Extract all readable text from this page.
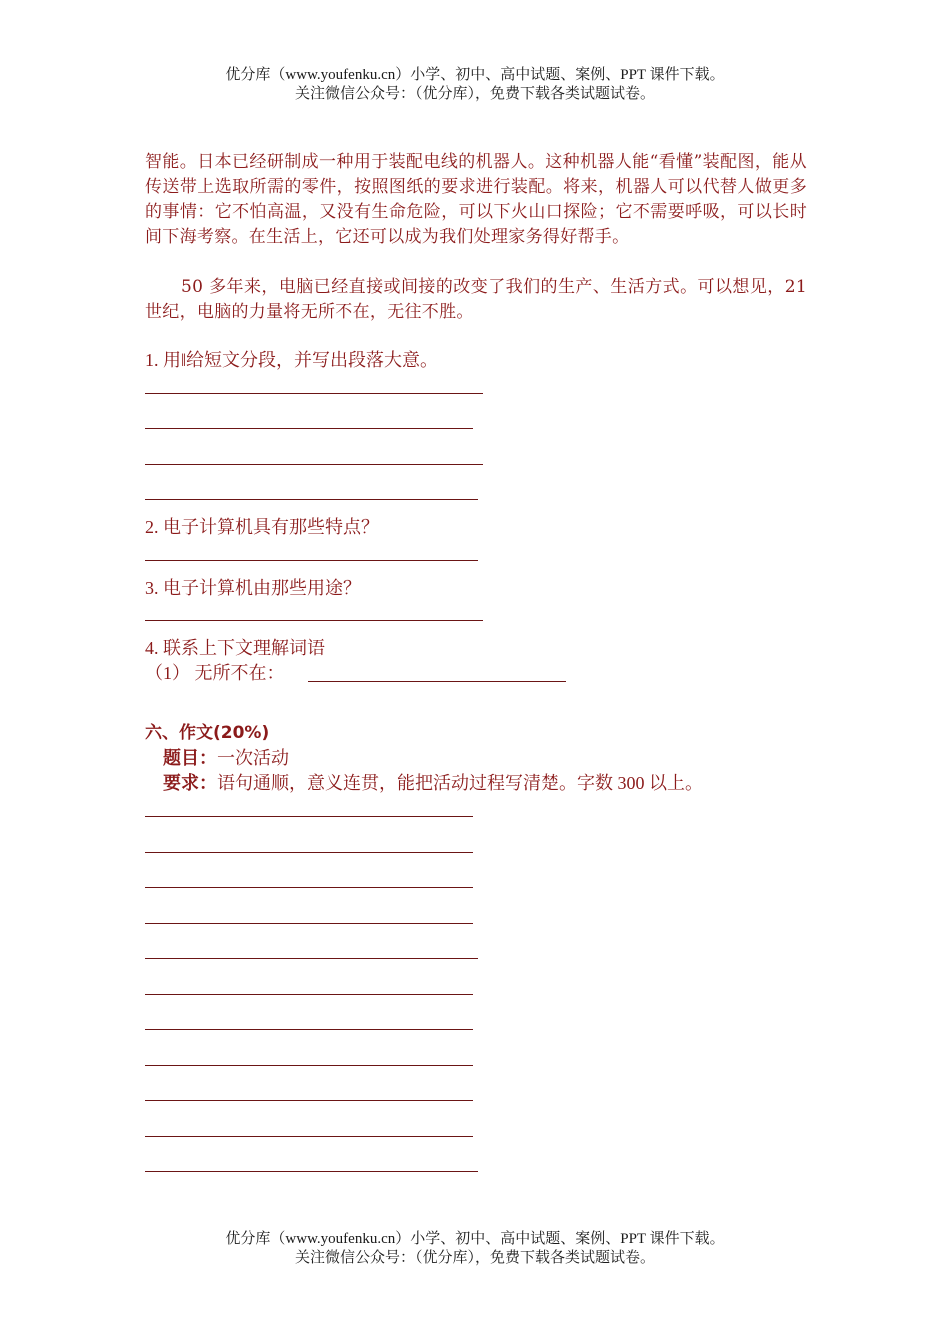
优分库（www.youfenku.cn）小学、初中、高中试题、案例、PPT 课件下载。
关注微信公众号：（优分库），免费下载各类试题试卷。
智能。日本已经研制成一种用于装配电线的机器人。这种机器人能“看懂”装配图，能从传送带上选取所需的零件，按照图纸的要求进行装配。将来，机器人可以代替人做更多的事情：它不怕高温，又没有生命危险，可以下火山口探险；它不需要呼吸，可以长时间下海考察。在生活上，它还可以成为我们处理家务得好帮手。
50 多年来，电脑已经直接或间接的改变了我们的生产、生活方式。可以想见，21 世纪，电脑的力量将无所不在，无往不胜。
1. 用‖给短文分段，并写出段落大意。
2. 电子计算机具有那些特点？
3. 电子计算机由那些用途？
4. 联系上下文理解词语
（1） 无所不在：
六、作文(20%)
题目：一次活动
要求：语句通顺，意义连贯，能把活动过程写清楚。字数 300 以上。
优分库（www.youfenku.cn）小学、初中、高中试题、案例、PPT 课件下载。
关注微信公众号：（优分库），免费下载各类试题试卷。
